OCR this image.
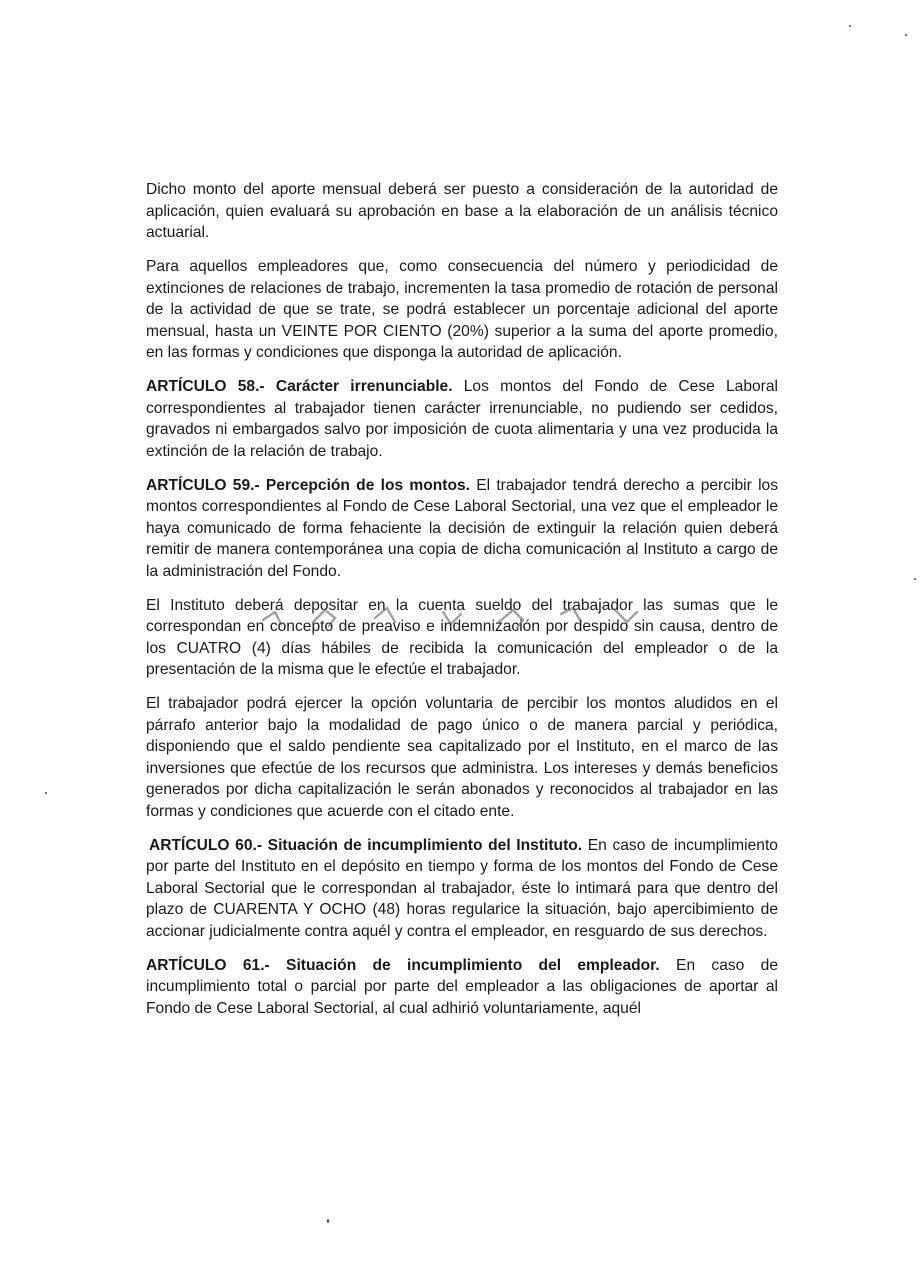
Dicho monto del aporte mensual deberá ser puesto a consideración de la autoridad de aplicación, quien evaluará su aprobación en base a la elaboración de un análisis técnico actuarial.

Para aquellos empleadores que, como consecuencia del número y periodicidad de extinciones de relaciones de trabajo, incrementen la tasa promedio de rotación de personal de la actividad de que se trate, se podrá establecer un porcentaje adicional del aporte mensual, hasta un VEINTE POR CIENTO (20%) superior a la suma del aporte promedio, en las formas y condiciones que disponga la autoridad de aplicación.

ARTÍCULO 58.- Carácter irrenunciable. Los montos del Fondo de Cese Laboral correspondientes al trabajador tienen carácter irrenunciable, no pudiendo ser cedidos, gravados ni embargados salvo por imposición de cuota alimentaria y una vez producida la extinción de la relación de trabajo.

ARTÍCULO 59.- Percepción de los montos. El trabajador tendrá derecho a percibir los montos correspondientes al Fondo de Cese Laboral Sectorial, una vez que el empleador le haya comunicado de forma fehaciente la decisión de extinguir la relación quien deberá remitir de manera contemporánea una copia de dicha comunicación al Instituto a cargo de la administración del Fondo.

El Instituto deberá depositar en la cuenta sueldo del trabajador las sumas que le correspondan en concepto de preaviso e indemnización por despido sin causa, dentro de los CUATRO (4) días hábiles de recibida la comunicación del empleador o de la presentación de la misma que le efectúe el trabajador.

El trabajador podrá ejercer la opción voluntaria de percibir los montos aludidos en el párrafo anterior bajo la modalidad de pago único o de manera parcial y periódica, disponiendo que el saldo pendiente sea capitalizado por el Instituto, en el marco de las inversiones que efectúe de los recursos que administra. Los intereses y demás beneficios generados por dicha capitalización le serán abonados y reconocidos al trabajador en las formas y condiciones que acuerde con el citado ente.

ARTÍCULO 60.- Situación de incumplimiento del Instituto. En caso de incumplimiento por parte del Instituto en el depósito en tiempo y forma de los montos del Fondo de Cese Laboral Sectorial que le correspondan al trabajador, éste lo intimará para que dentro del plazo de CUARENTA Y OCHO (48) horas regularice la situación, bajo apercibimiento de accionar judicialmente contra aquél y contra el empleador, en resguardo de sus derechos.

ARTÍCULO 61.- Situación de incumplimiento del empleador. En caso de incumplimiento total o parcial por parte del empleador a las obligaciones de aportar al Fondo de Cese Laboral Sectorial, al cual adhirió voluntariamente, aquél
